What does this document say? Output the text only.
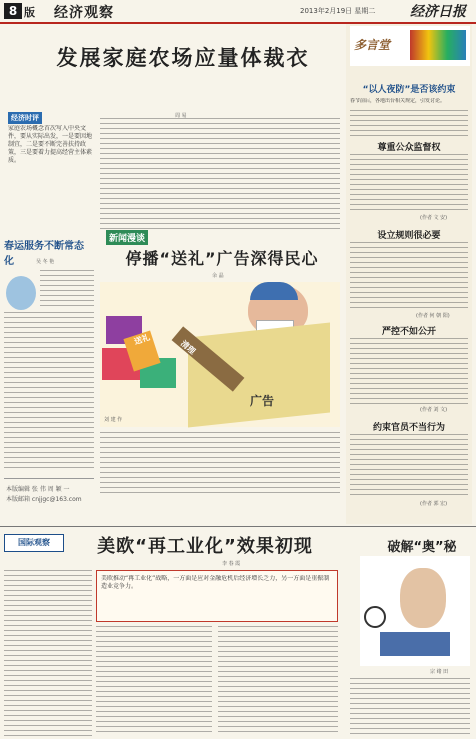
8 版 经济观察	2013年2月19日 星期二 经济日报
发展家庭农场应量体裁衣
周 易
经济时评
家庭农场概念首次写入中央文件，要从实际出发，一是要因地制宜，二是要不断完善扶持政策，三是要着力提高经营主体素质。
春运服务不断常态化	吴 冬 艳
本版编辑 张 伟 周 颖 一
本版邮箱 cnjjgc@163.com
新闻漫谈
停播“送礼”广告深得民心
余 晶
广告
送礼	清理
刘 建 作
多言堂
“以人夜防”是否该约束
春节前后，各地出台相关规定，引发讨论。
尊重公众监督权
(作者 文 安)
设立规则很必要
(作者 何 朝 阳)
严控不如公开
(作者 刘 文)
约束官员不当行为
(作者 郭 宏)
国际观察	美欧“再工业化”效果初现
李 春 霞
美欧推动“再工业化”战略，一方面是应对金融危机后经济增长乏力，另一方面是重振制造业竞争力。
破解“奥”秘
宗 绪 田
